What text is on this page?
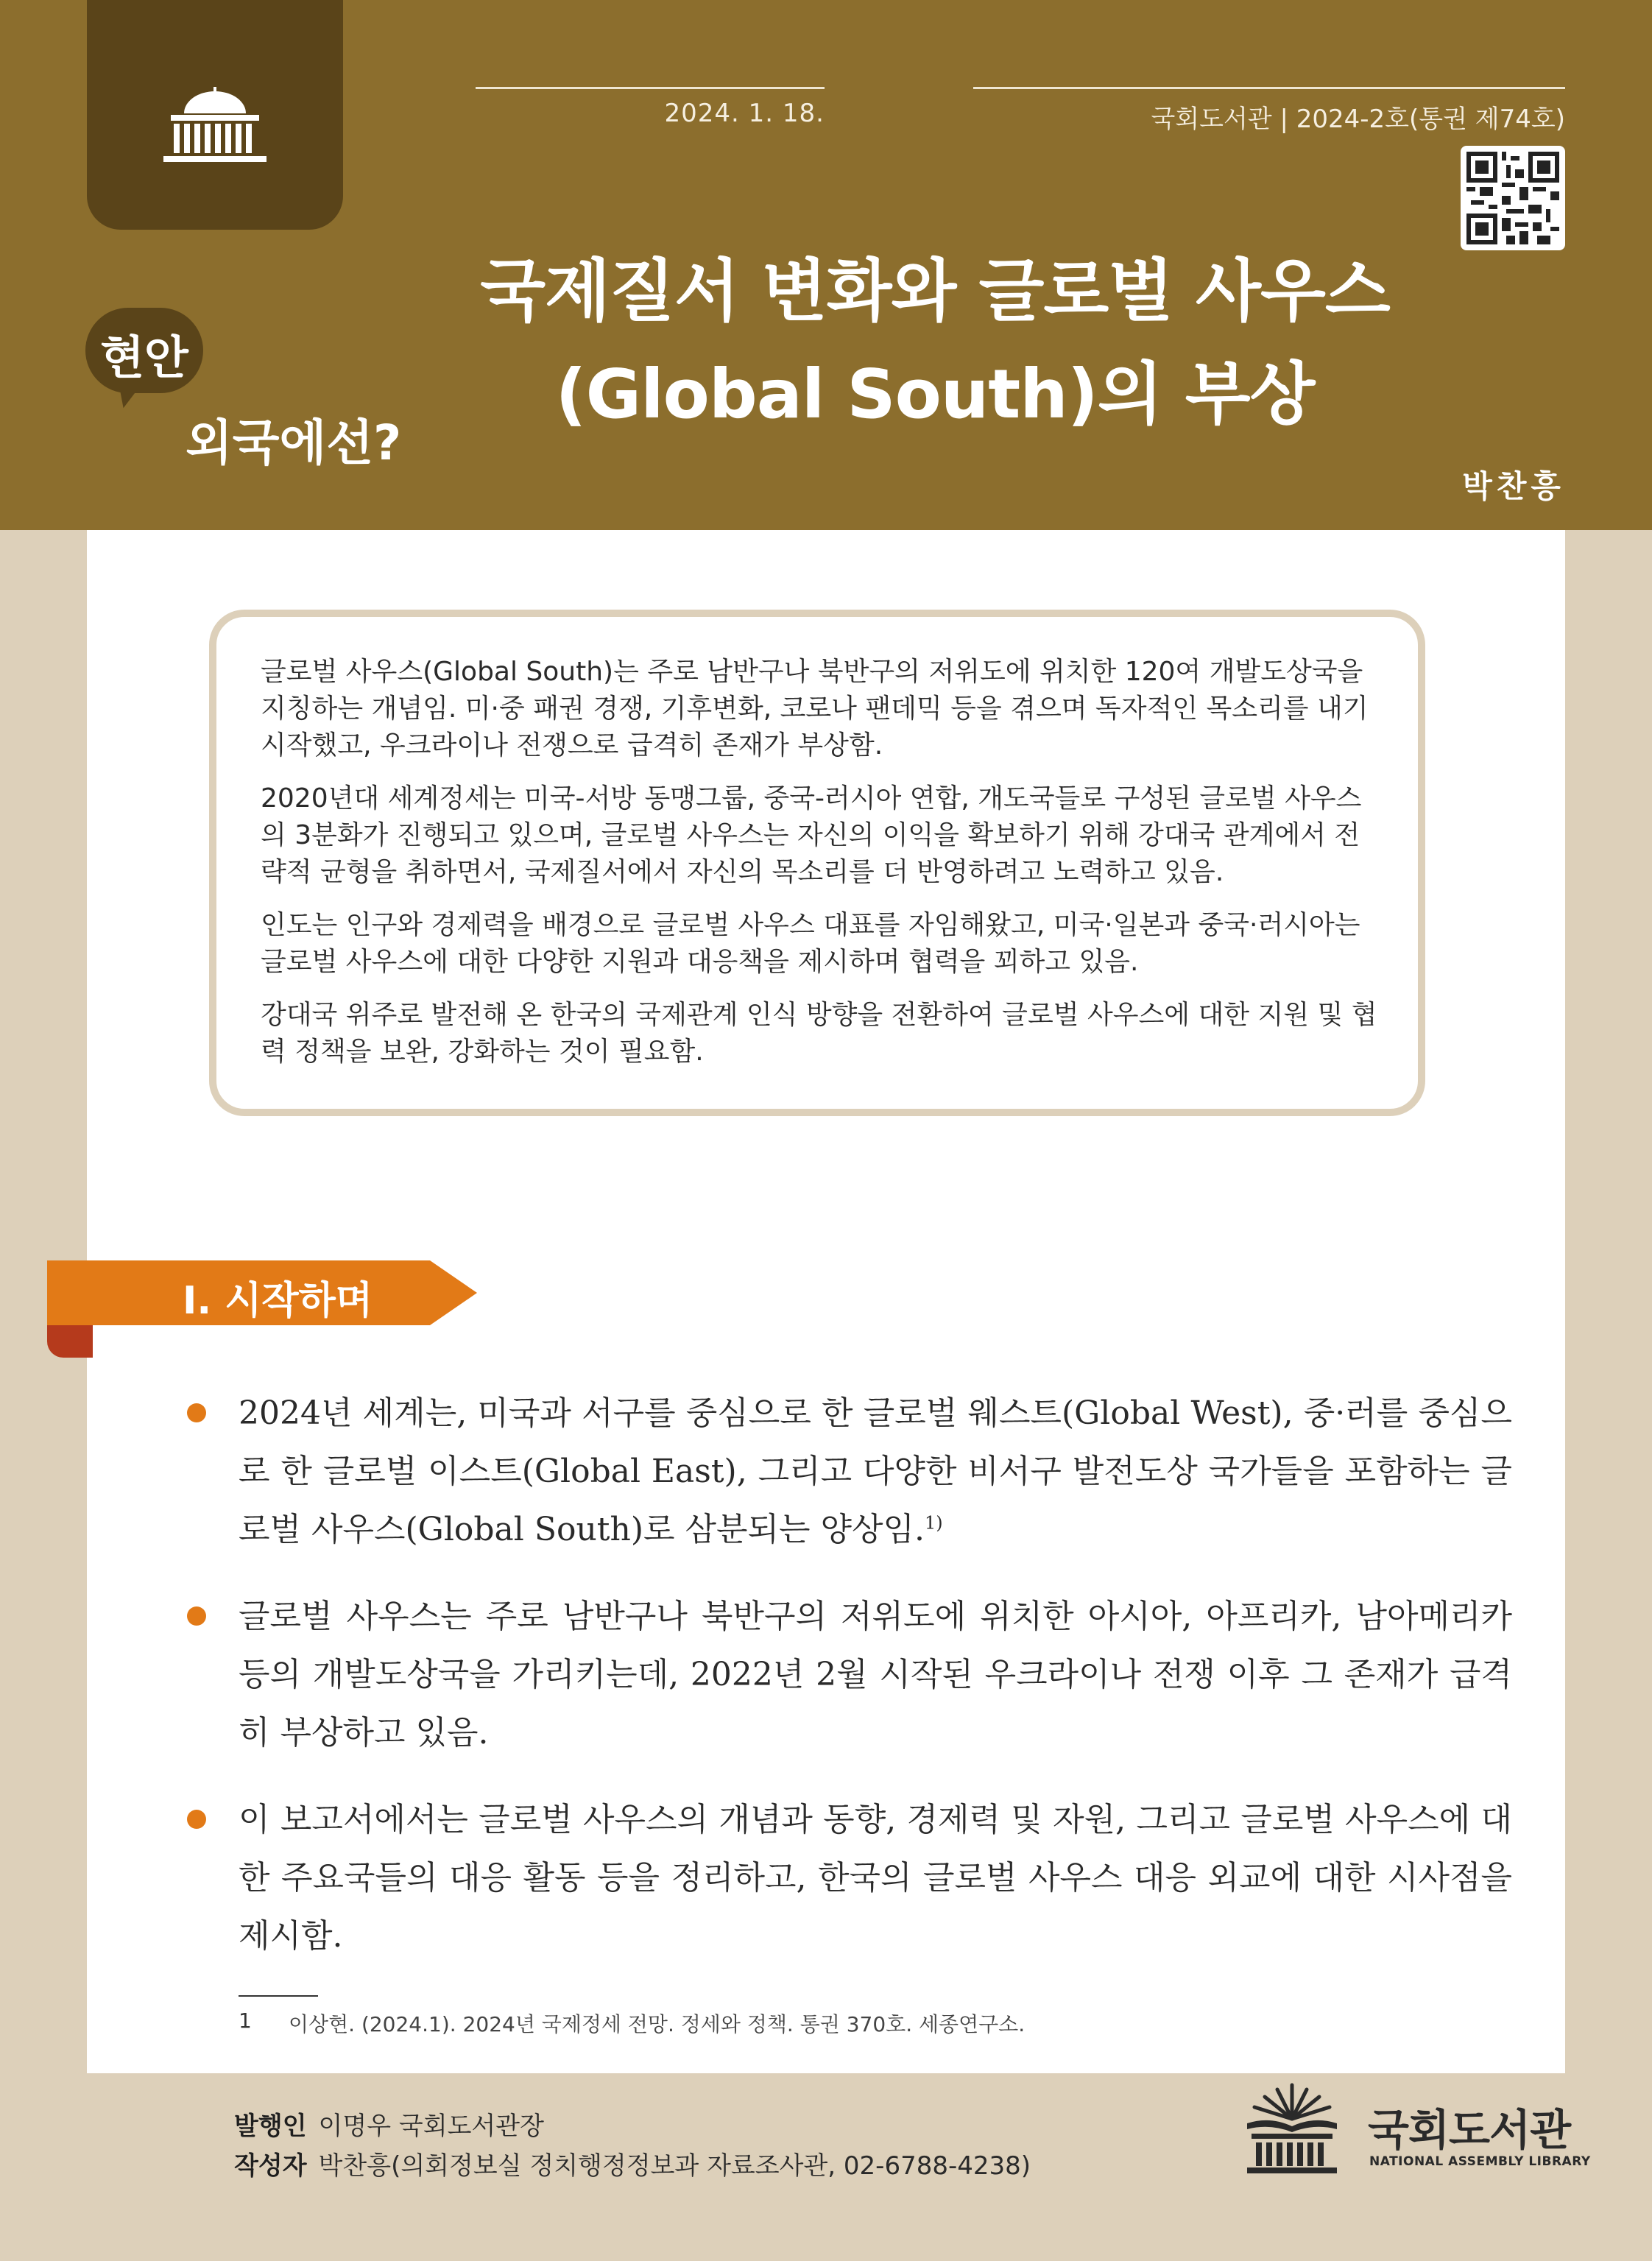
2024. 1. 18.	국회도서관 | 2024-2호(통권 제74호)
현안
외국에선?
국제질서 변화와 글로벌 사우스
(Global South)의 부상
박찬흥

글로벌 사우스(Global South)는 주로 남반구나 북반구의 저위도에 위치한 120여 개발도상국을 지칭하는 개념임. 미·중 패권 경쟁, 기후변화, 코로나 팬데믹 등을 겪으며 독자적인 목소리를 내기 시작했고, 우크라이나 전쟁으로 급격히 존재가 부상함.

2020년대 세계정세는 미국-서방 동맹그룹, 중국-러시아 연합, 개도국들로 구성된 글로벌 사우스의 3분화가 진행되고 있으며, 글로벌 사우스는 자신의 이익을 확보하기 위해 강대국 관계에서 전략적 균형을 취하면서, 국제질서에서 자신의 목소리를 더 반영하려고 노력하고 있음.

인도는 인구와 경제력을 배경으로 글로벌 사우스 대표를 자임해왔고, 미국·일본과 중국·러시아는 글로벌 사우스에 대한 다양한 지원과 대응책을 제시하며 협력을 꾀하고 있음.

강대국 위주로 발전해 온 한국의 국제관계 인식 방향을 전환하여 글로벌 사우스에 대한 지원 및 협력 정책을 보완, 강화하는 것이 필요함.

Ⅰ. 시작하며
2024년 세계는, 미국과 서구를 중심으로 한 글로벌 웨스트(Global West), 중·러를 중심으로 한 글로벌 이스트(Global East), 그리고 다양한 비서구 발전도상 국가들을 포함하는 글로벌 사우스(Global South)로 삼분되는 양상임.$^{1)}$
글로벌 사우스는 주로 남반구나 북반구의 저위도에 위치한 아시아, 아프리카, 남아메리카 등의 개발도상국을 가리키는데, 2022년 2월 시작된 우크라이나 전쟁 이후 그 존재가 급격히 부상하고 있음.
이 보고서에서는 글로벌 사우스의 개념과 동향, 경제력 및 자원, 그리고 글로벌 사우스에 대한 주요국들의 대응 활동 등을 정리하고, 한국의 글로벌 사우스 대응 외교에 대한 시사점을 제시함.
1 이상현. (2024.1). 2024년 국제정세 전망. 정세와 정책. 통권 370호. 세종연구소.
발행인 이명우 국회도서관장
작성자 박찬흥(의회정보실 정치행정정보과 자료조사관, 02-6788-4238)
국회도서관
NATIONAL ASSEMBLY LIBRARY
